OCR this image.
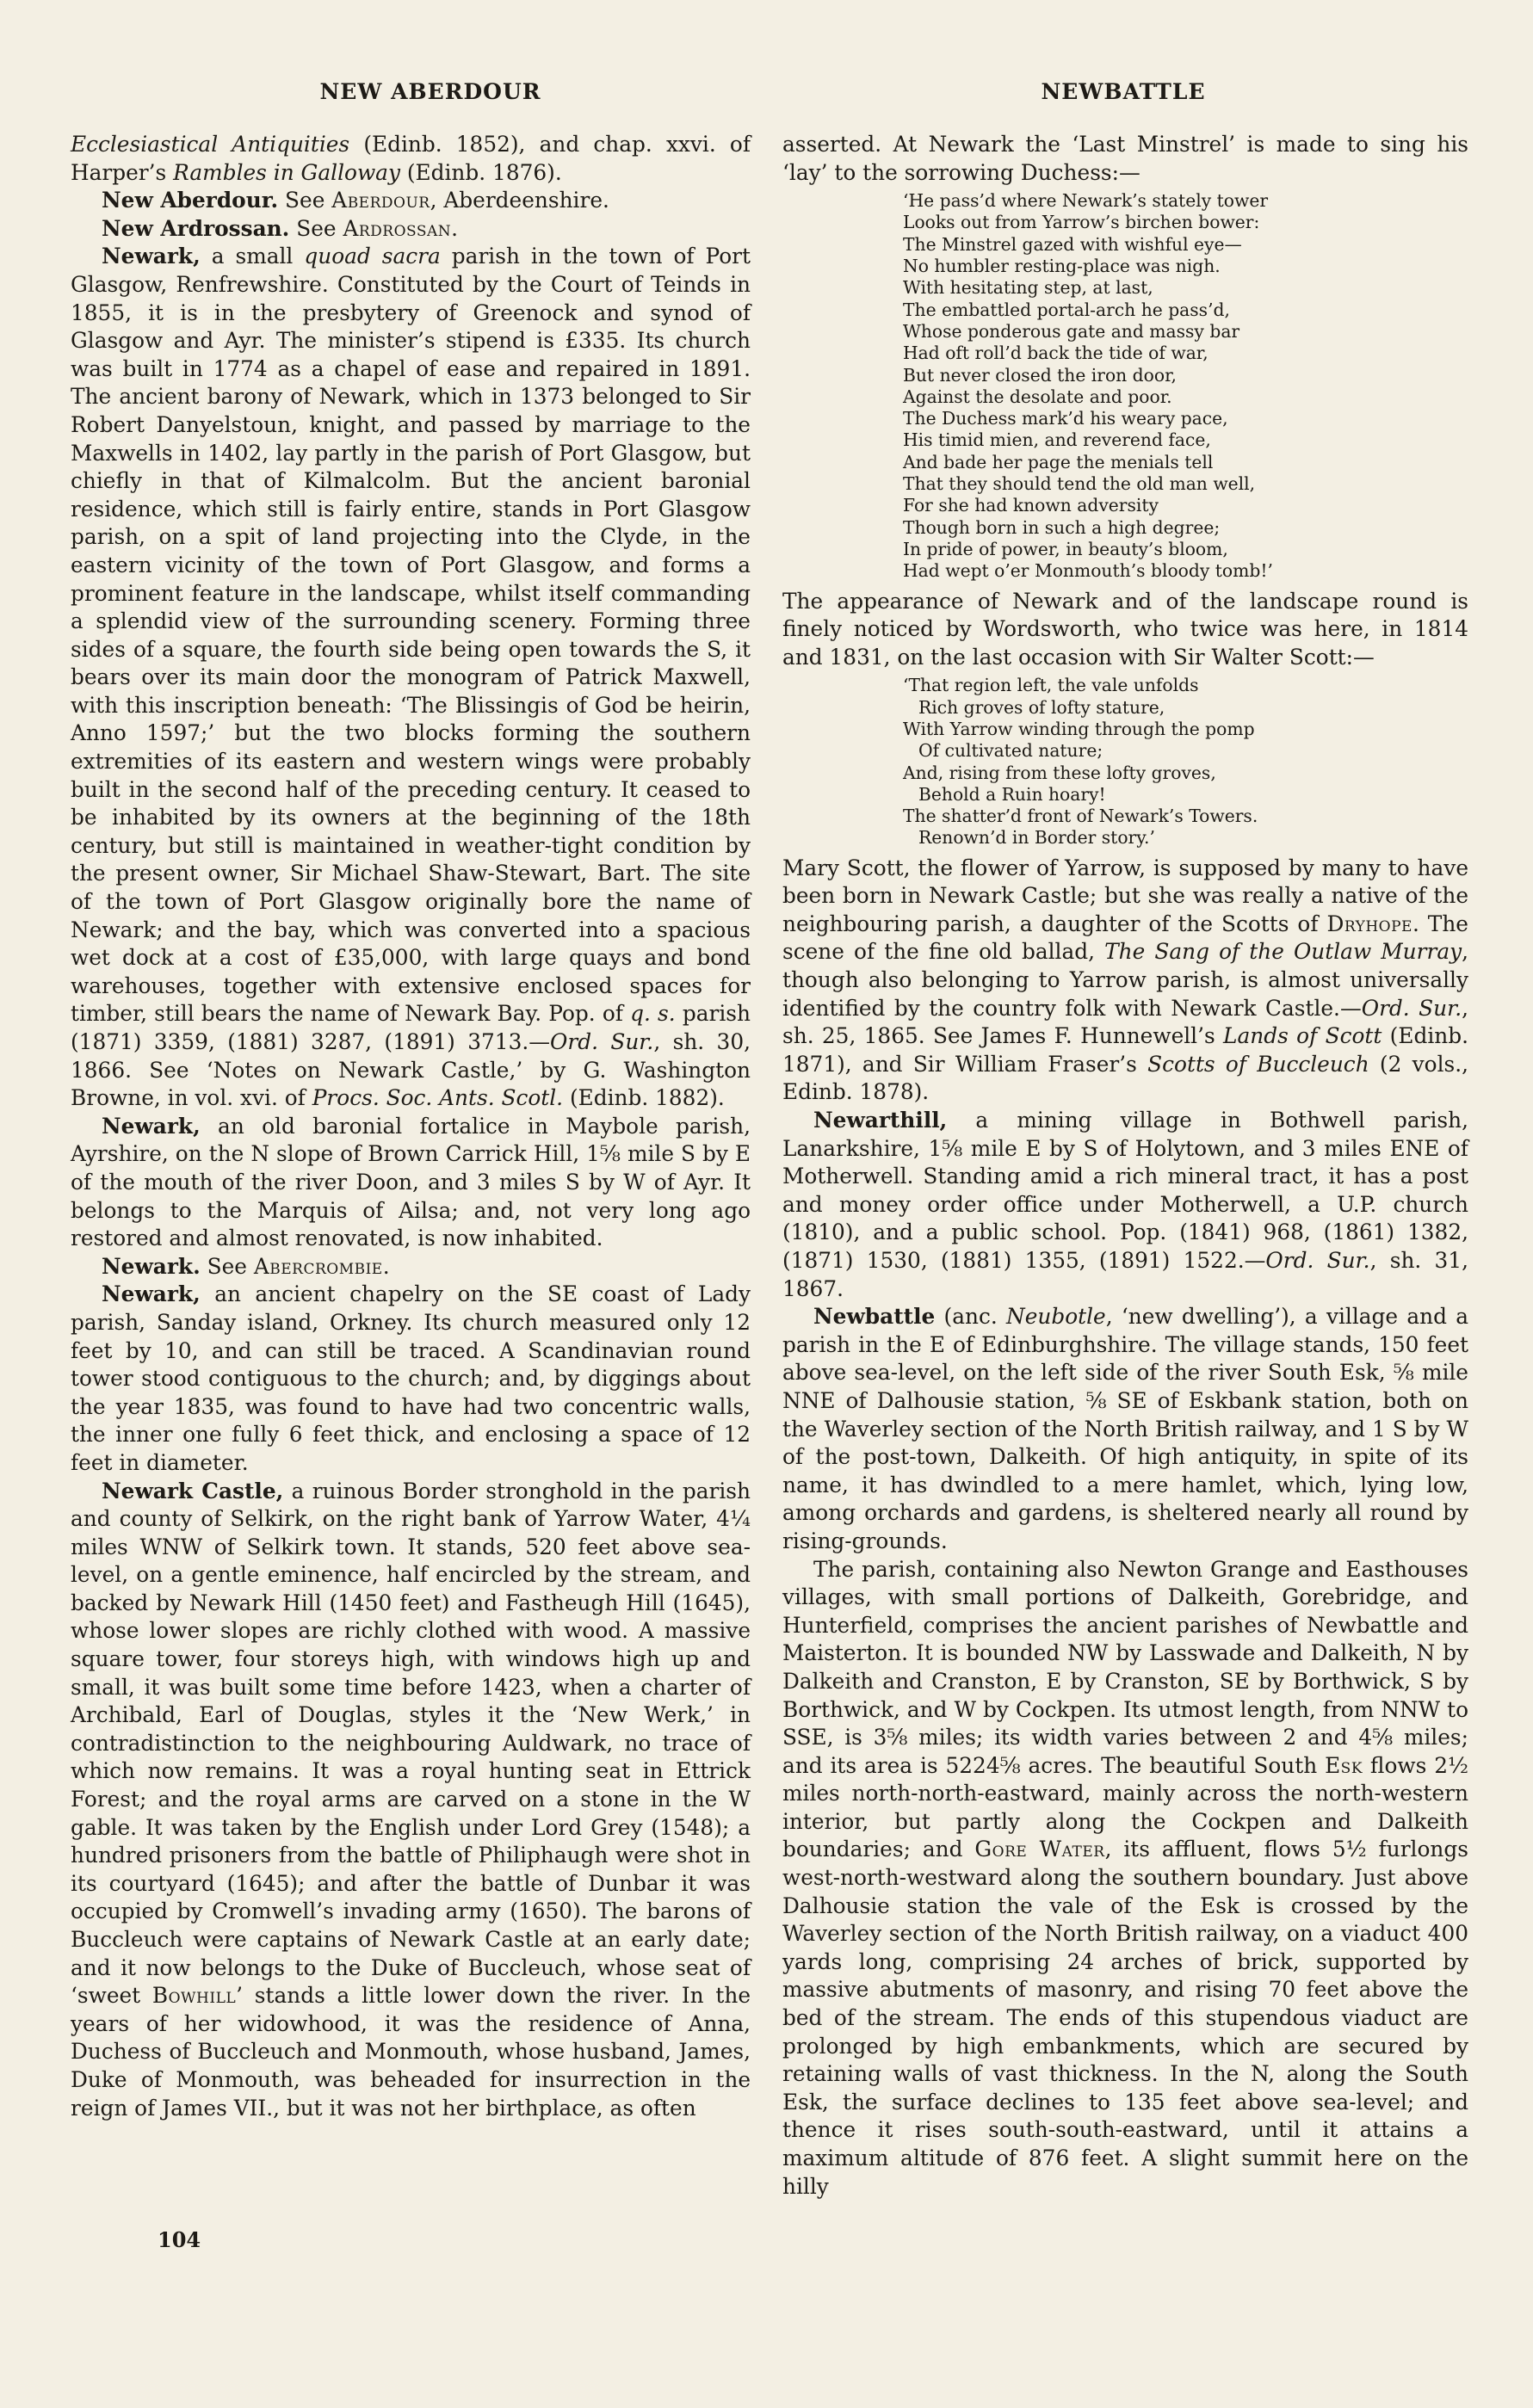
NEW ABERDOUR	NEWBATTLE

Ecclesiastical Antiquities (Edinb. 1852), and chap. xxvi. of Harper’s Rambles in Galloway (Edinb. 1876).

New Aberdour. See Aberdour, Aberdeenshire.

New Ardrossan. See Ardrossan.

Newark, a small quoad sacra parish in the town of Port Glasgow, Renfrewshire. Constituted by the Court of Teinds in 1855, it is in the presbytery of Greenock and synod of Glasgow and Ayr. The minister’s stipend is £335. Its church was built in 1774 as a chapel of ease and repaired in 1891. The ancient barony of Newark, which in 1373 belonged to Sir Robert Danyelstoun, knight, and passed by marriage to the Maxwells in 1402, lay partly in the parish of Port Glasgow, but chiefly in that of Kilmalcolm. But the ancient baronial residence, which still is fairly entire, stands in Port Glasgow parish, on a spit of land projecting into the Clyde, in the eastern vicinity of the town of Port Glasgow, and forms a prominent feature in the landscape, whilst itself commanding a splendid view of the surrounding scenery. Forming three sides of a square, the fourth side being open towards the S, it bears over its main door the monogram of Patrick Maxwell, with this inscription beneath: ‘The Blissingis of God be heirin, Anno 1597;’ but the two blocks forming the southern extremities of its eastern and western wings were probably built in the second half of the preceding century. It ceased to be inhabited by its owners at the beginning of the 18th century, but still is maintained in weather-tight condition by the present owner, Sir Michael Shaw-Stewart, Bart. The site of the town of Port Glasgow originally bore the name of Newark; and the bay, which was converted into a spacious wet dock at a cost of £35,000, with large quays and bond warehouses, together with extensive enclosed spaces for timber, still bears the name of Newark Bay. Pop. of q. s. parish (1871) 3359, (1881) 3287, (1891) 3713.—Ord. Sur., sh. 30, 1866. See ‘Notes on Newark Castle,’ by G. Washington Browne, in vol. xvi. of Procs. Soc. Ants. Scotl. (Edinb. 1882).

Newark, an old baronial fortalice in Maybole parish, Ayrshire, on the N slope of Brown Carrick Hill, 1⅝ mile S by E of the mouth of the river Doon, and 3 miles S by W of Ayr. It belongs to the Marquis of Ailsa; and, not very long ago restored and almost renovated, is now inhabited.

Newark. See Abercrombie.

Newark, an ancient chapelry on the SE coast of Lady parish, Sanday island, Orkney. Its church measured only 12 feet by 10, and can still be traced. A Scandinavian round tower stood contiguous to the church; and, by diggings about the year 1835, was found to have had two concentric walls, the inner one fully 6 feet thick, and enclosing a space of 12 feet in diameter.

Newark Castle, a ruinous Border stronghold in the parish and county of Selkirk, on the right bank of Yarrow Water, 4¼ miles WNW of Selkirk town. It stands, 520 feet above sea-level, on a gentle eminence, half encircled by the stream, and backed by Newark Hill (1450 feet) and Fastheugh Hill (1645), whose lower slopes are richly clothed with wood. A massive square tower, four storeys high, with windows high up and small, it was built some time before 1423, when a charter of Archibald, Earl of Douglas, styles it the ‘New Werk,’ in contradistinction to the neighbouring Auldwark, no trace of which now remains. It was a royal hunting seat in Ettrick Forest; and the royal arms are carved on a stone in the W gable. It was taken by the English under Lord Grey (1548); a hundred prisoners from the battle of Philiphaugh were shot in its courtyard (1645); and after the battle of Dunbar it was occupied by Cromwell’s invading army (1650). The barons of Buccleuch were captains of Newark Castle at an early date; and it now belongs to the Duke of Buccleuch, whose seat of ‘sweet Bowhill’ stands a little lower down the river. In the years of her widowhood, it was the residence of Anna, Duchess of Buccleuch and Monmouth, whose husband, James, Duke of Monmouth, was beheaded for insurrection in the reign of James VII., but it was not her birthplace, as often

asserted. At Newark the ‘Last Minstrel’ is made to sing his ‘lay’ to the sorrowing Duchess:—

‘He pass’d where Newark’s stately tower
Looks out from Yarrow’s birchen bower:
The Minstrel gazed with wishful eye—
No humbler resting-place was nigh.
With hesitating step, at last,
The embattled portal-arch he pass’d,
Whose ponderous gate and massy bar
Had oft roll’d back the tide of war,
But never closed the iron door,
Against the desolate and poor.
The Duchess mark’d his weary pace,
His timid mien, and reverend face,
And bade her page the menials tell
That they should tend the old man well,
For she had known adversity
Though born in such a high degree;
In pride of power, in beauty’s bloom,
Had wept o’er Monmouth’s bloody tomb!’

The appearance of Newark and of the landscape round is finely noticed by Wordsworth, who twice was here, in 1814 and 1831, on the last occasion with Sir Walter Scott:—

‘That region left, the vale unfolds
Rich groves of lofty stature,
With Yarrow winding through the pomp
Of cultivated nature;
And, rising from these lofty groves,
Behold a Ruin hoary!
The shatter’d front of Newark’s Towers.
Renown’d in Border story.’

Mary Scott, the flower of Yarrow, is supposed by many to have been born in Newark Castle; but she was really a native of the neighbouring parish, a daughter of the Scotts of Dryhope. The scene of the fine old ballad, The Sang of the Outlaw Murray, though also belonging to Yarrow parish, is almost universally identified by the country folk with Newark Castle.—Ord. Sur., sh. 25, 1865. See James F. Hunnewell’s Lands of Scott (Edinb. 1871), and Sir William Fraser’s Scotts of Buccleuch (2 vols., Edinb. 1878).

Newarthill, a mining village in Bothwell parish, Lanarkshire, 1⅝ mile E by S of Holytown, and 3 miles ENE of Motherwell. Standing amid a rich mineral tract, it has a post and money order office under Motherwell, a U.P. church (1810), and a public school. Pop. (1841) 968, (1861) 1382, (1871) 1530, (1881) 1355, (1891) 1522.—Ord. Sur., sh. 31, 1867.

Newbattle (anc. Neubotle, ‘new dwelling’), a village and a parish in the E of Edinburghshire. The village stands, 150 feet above sea-level, on the left side of the river South Esk, ⅝ mile NNE of Dalhousie station, ⅝ SE of Eskbank station, both on the Waverley section of the North British railway, and 1 S by W of the post-town, Dalkeith. Of high antiquity, in spite of its name, it has dwindled to a mere hamlet, which, lying low, among orchards and gardens, is sheltered nearly all round by rising-grounds.

The parish, containing also Newton Grange and Easthouses villages, with small portions of Dalkeith, Gorebridge, and Hunterfield, comprises the ancient parishes of Newbattle and Maisterton. It is bounded NW by Lasswade and Dalkeith, N by Dalkeith and Cranston, E by Cranston, SE by Borthwick, S by Borthwick, and W by Cockpen. Its utmost length, from NNW to SSE, is 3⅝ miles; its width varies between 2 and 4⅝ miles; and its area is 5224⅝ acres. The beautiful South Esk flows 2½ miles north-north-eastward, mainly across the north-western interior, but partly along the Cockpen and Dalkeith boundaries; and Gore Water, its affluent, flows 5½ furlongs west-north-westward along the southern boundary. Just above Dalhousie station the vale of the Esk is crossed by the Waverley section of the North British railway, on a viaduct 400 yards long, comprising 24 arches of brick, supported by massive abutments of masonry, and rising 70 feet above the bed of the stream. The ends of this stupendous viaduct are prolonged by high embankments, which are secured by retaining walls of vast thickness. In the N, along the South Esk, the surface declines to 135 feet above sea-level; and thence it rises south-south-eastward, until it attains a maximum altitude of 876 feet. A slight summit here on the hilly

104
